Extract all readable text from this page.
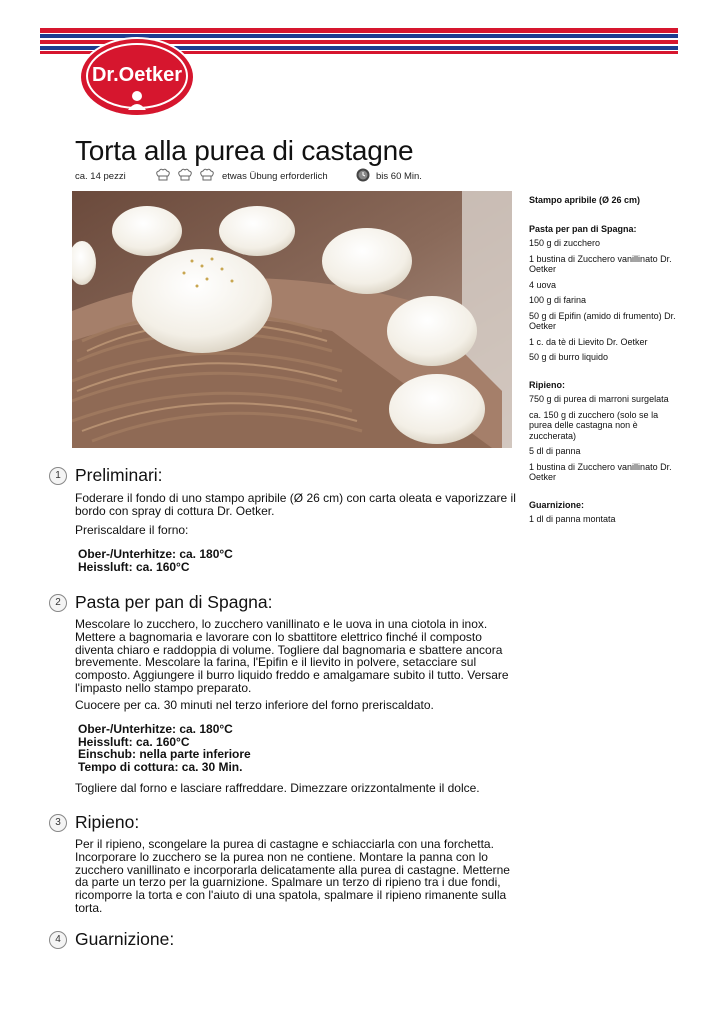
Dr.Oetker
Torta alla purea di castagne
ca. 14 pezzi	etwas Übung erforderlich	bis 60 Min.
Stampo apribile (Ø 26 cm)
Pasta per pan di Spagna:
150 g di zucchero
1 bustina di Zucchero vanillinato Dr. Oetker
4 uova
100 g di farina
50 g di Epifin (amido di frumento) Dr. Oetker
1 c. da tè di Lievito Dr. Oetker
50 g di burro liquido
Ripieno:
750 g di purea di marroni surgelata
ca. 150 g di zucchero (solo se la purea delle castagna non è zuccherata)
5 dl di panna
1 bustina di Zucchero vanillinato Dr. Oetker
Guarnizione:
1 dl di panna montata
1 Preliminari:

Foderare il fondo di uno stampo apribile (Ø 26 cm) con carta oleata e vaporizzare il bordo con spray di cottura Dr. Oetker.

Preriscaldare il forno:

Ober-/Unterhitze: ca. 180°C
Heissluft: ca. 160°C
2 Pasta per pan di Spagna:

Mescolare lo zucchero, lo zucchero vanillinato e le uova in una ciotola in inox. Mettere a bagnomaria e lavorare con lo sbattitore elettrico finché il composto diventa chiaro e raddoppia di volume. Togliere dal bagnomaria e sbattere ancora brevemente. Mescolare la farina, l'Epifin e il lievito in polvere, setacciare sul composto. Aggiungere il burro liquido freddo e amalgamare subito il tutto. Versare l'impasto nello stampo preparato.

Cuocere per ca. 30 minuti nel terzo inferiore del forno preriscaldato.

Ober-/Unterhitze: ca. 180°C
Heissluft: ca. 160°C
Einschub: nella parte inferiore
Tempo di cottura: ca. 30 Min.

Togliere dal forno e lasciare raffreddare. Dimezzare orizzontalmente il dolce.

3 Ripieno:

Per il ripieno, scongelare la purea di castagne e schiacciarla con una forchetta. Incorporare lo zucchero se la purea non ne contiene. Montare la panna con lo zucchero vanillinato e incorporarla delicatamente alla purea di castagne. Metterne da parte un terzo per la guarnizione. Spalmare un terzo di ripieno tra i due fondi, ricomporre la torta e con l'aiuto di una spatola, spalmare il ripieno rimanente sulla torta.

4 Guarnizione:
